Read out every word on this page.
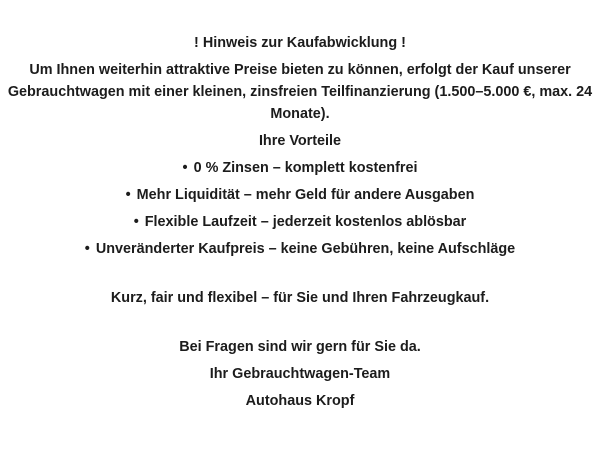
! Hinweis zur Kaufabwicklung !

Um Ihnen weiterhin attraktive Preise bieten zu können, erfolgt der Kauf unserer
Gebrauchtwagen mit einer kleinen, zinsfreien Teilfinanzierung (1.500–5.000 €, max. 24
Monate).

Ihre Vorteile

• 0 % Zinsen – komplett kostenfrei

• Mehr Liquidität – mehr Geld für andere Ausgaben

• Flexible Laufzeit – jederzeit kostenlos ablösbar

• Unveränderter Kaufpreis – keine Gebühren, keine Aufschläge

Kurz, fair und flexibel – für Sie und Ihren Fahrzeugkauf.

Bei Fragen sind wir gern für Sie da.

Ihr Gebrauchtwagen-Team

Autohaus Kropf
